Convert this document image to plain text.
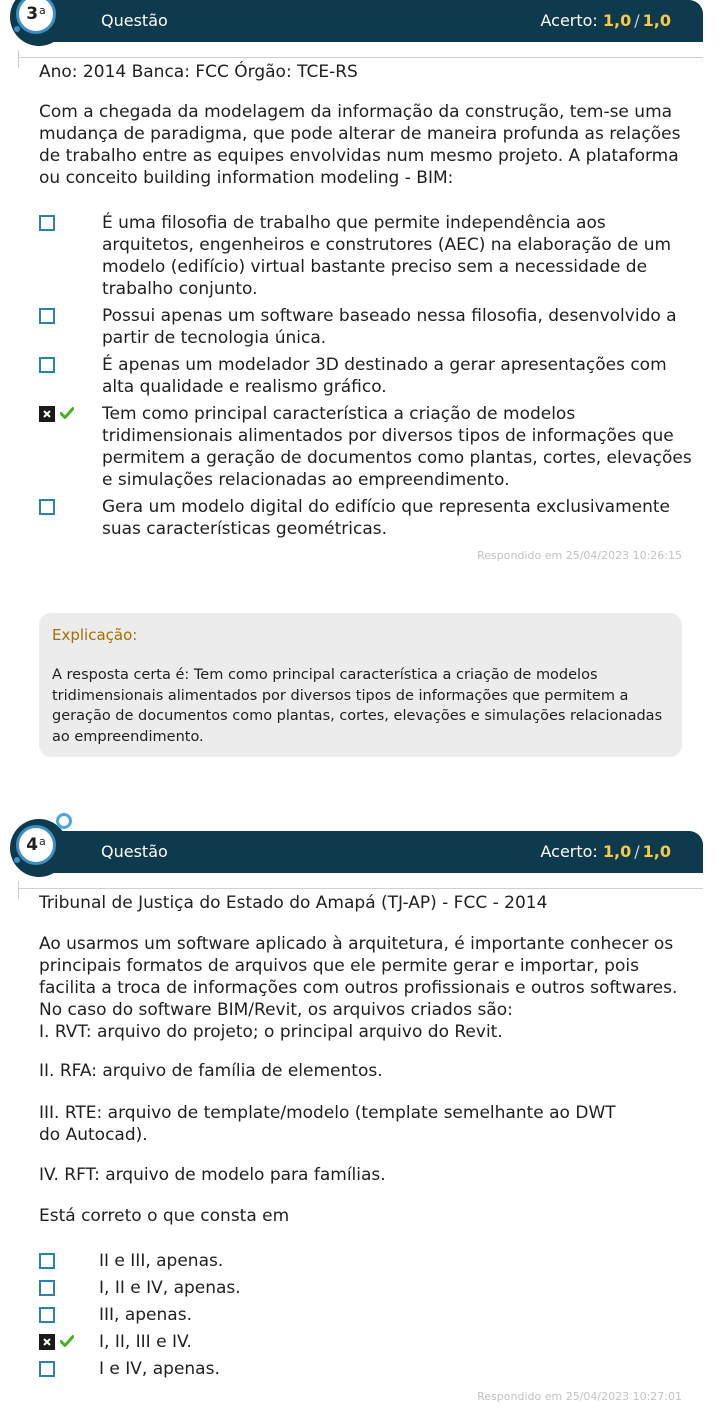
Questão	Acerto: 1,0 / 1,0
3$^a$
Ano: 2014 Banca: FCC Órgão: TCE-RS

Com a chegada da modelagem da informação da construção, tem-se uma mudança de paradigma, que pode alterar de maneira profunda as relações de trabalho entre as equipes envolvidas num mesmo projeto. A plataforma ou conceito building information modeling - BIM:

É uma filosofia de trabalho que permite independência aos arquitetos, engenheiros e construtores (AEC) na elaboração de um modelo (edifício) virtual bastante preciso sem a necessidade de trabalho conjunto.
Possui apenas um software baseado nessa filosofia, desenvolvido a partir de tecnologia única.
É apenas um modelador 3D destinado a gerar apresentações com alta qualidade e realismo gráfico.
Tem como principal característica a criação de modelos tridimensionais alimentados por diversos tipos de informações que permitem a geração de documentos como plantas, cortes, elevações e simulações relacionadas ao empreendimento.
Gera um modelo digital do edifício que representa exclusivamente suas características geométricas.
Respondido em 25/04/2023 10:26:15
Explicação:
A resposta certa é: Tem como principal característica a criação de modelos tridimensionais alimentados por diversos tipos de informações que permitem a geração de documentos como plantas, cortes, elevações e simulações relacionadas ao empreendimento.
Questão	Acerto: 1,0 / 1,0
4$^a$
Tribunal de Justiça do Estado do Amapá (TJ-AP) - FCC - 2014

Ao usarmos um software aplicado à arquitetura, é importante conhecer os principais formatos de arquivos que ele permite gerar e importar, pois facilita a troca de informações com outros profissionais e outros softwares. No caso do software BIM/Revit, os arquivos criados são:

I. RVT: arquivo do projeto; o principal arquivo do Revit.
II. RFA: arquivo de família de elementos.
III. RTE: arquivo de template/modelo (template semelhante ao DWT do Autocad).
IV. RFT: arquivo de modelo para famílias.
Está correto o que consta em
II e III, apenas.
I, II e IV, apenas.
III, apenas.
I, II, III e IV.
I e IV, apenas.
Respondido em 25/04/2023 10:27:01
